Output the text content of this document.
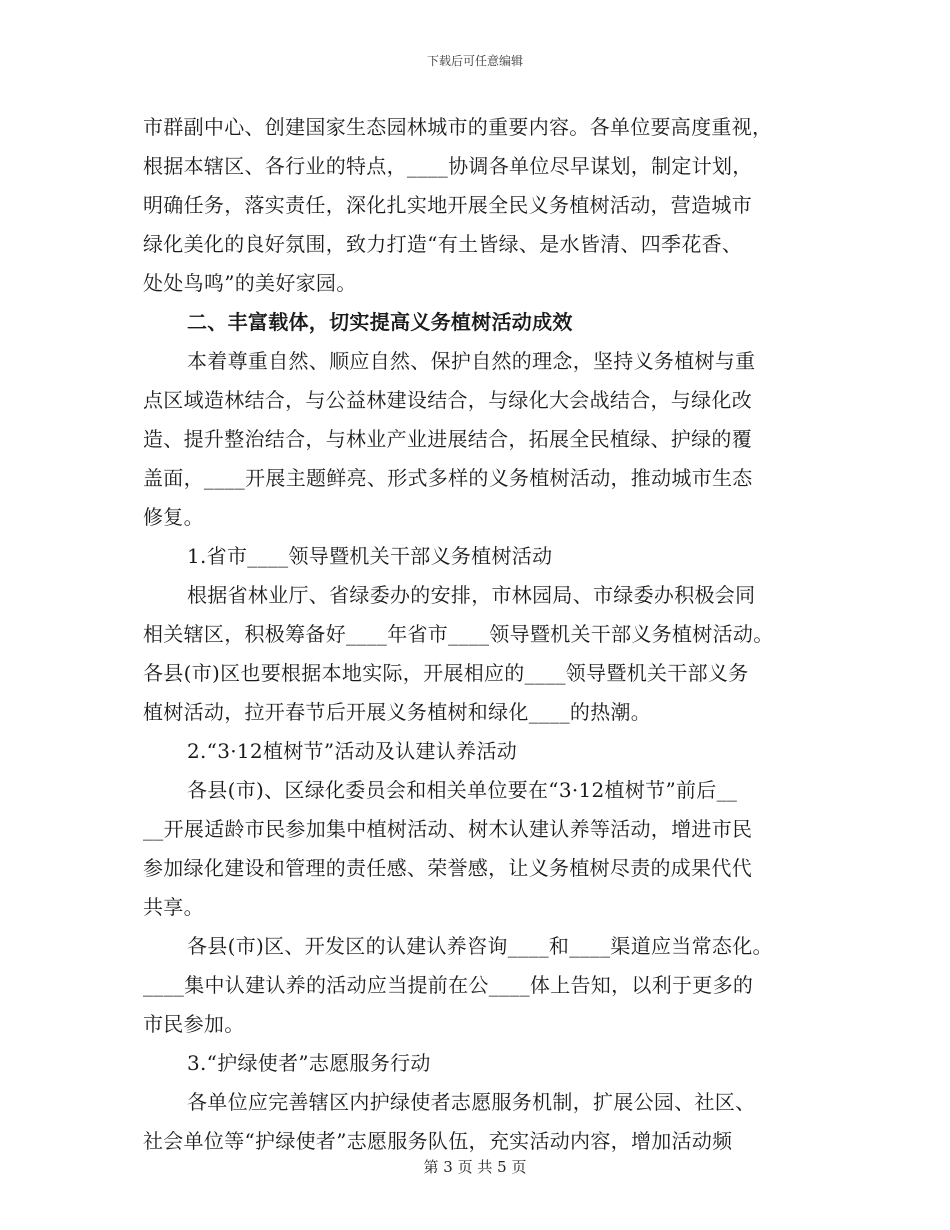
下载后可任意编辑
市群副中心、创建国家生态园林城市的重要内容。各单位要高度重视，
根据本辖区、各行业的特点，____协调各单位尽早谋划，制定计划，
明确任务，落实责任，深化扎实地开展全民义务植树活动，营造城市
绿化美化的良好氛围，致力打造“有土皆绿、是水皆清、四季花香、
处处鸟鸣”的美好家园。
二、丰富载体，切实提高义务植树活动成效
本着尊重自然、顺应自然、保护自然的理念，坚持义务植树与重
点区域造林结合，与公益林建设结合，与绿化大会战结合，与绿化改
造、提升整治结合，与林业产业进展结合，拓展全民植绿、护绿的覆
盖面，____开展主题鲜亮、形式多样的义务植树活动，推动城市生态
修复。
1.省市____领导暨机关干部义务植树活动
根据省林业厅、省绿委办的安排，市林园局、市绿委办积极会同
相关辖区，积极筹备好____年省市____领导暨机关干部义务植树活动。
各县(市)区也要根据本地实际，开展相应的____领导暨机关干部义务
植树活动，拉开春节后开展义务植树和绿化____的热潮。
2.“3·12植树节”活动及认建认养活动
各县(市)、区绿化委员会和相关单位要在“3·12植树节”前后__
__开展适龄市民参加集中植树活动、树木认建认养等活动，增进市民
参加绿化建设和管理的责任感、荣誉感，让义务植树尽责的成果代代
共享。
各县(市)区、开发区的认建认养咨询____和____渠道应当常态化。
____集中认建认养的活动应当提前在公____体上告知，以利于更多的
市民参加。
3.“护绿使者”志愿服务行动
各单位应完善辖区内护绿使者志愿服务机制，扩展公园、社区、
社会单位等“护绿使者”志愿服务队伍，充实活动内容，增加活动频
第 3 页 共 5 页
